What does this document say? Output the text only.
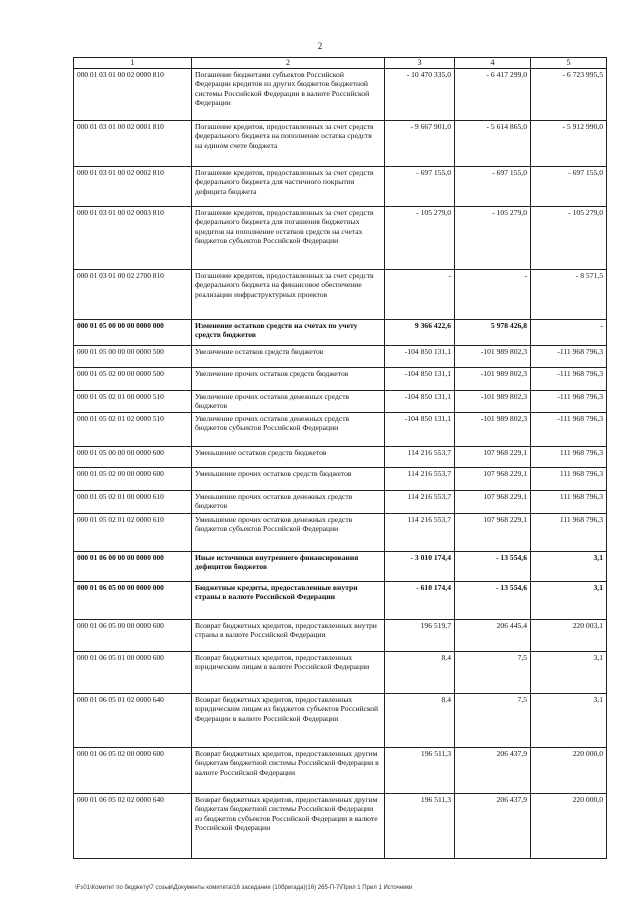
2
1	2	3	4	5
000 01 03 01 00 02 0000 810	Погашение бюджетами субъектов Российской Федерации кредитов из других бюджетов бюджетной системы Российской Федерации в валюте Российской Федерации	- 10 470 335,0	- 6 417 299,0	- 6 723 995,5
000 01 03 01 00 02 0001 810	Погашение кредитов, предоставленных за счет средств федерального бюджета на пополнение остатка средств на едином счете бюджета	- 9 667 901,0	- 5 614 865,0	- 5 912 990,0
000 01 03 01 00 02 0002 810	Погашение кредитов, предоставленных за счет средств федерального бюджета для частичного покрытия дефицита бюджета	- 697 155,0	- 697 155,0	- 697 155,0
000 01 03 01 00 02 0003 810	Погашение кредитов, предоставленных за счет средств федерального бюджета для погашения бюджетных кредитов на пополнение остатков средств на счетах бюджетов субъектов Российской Федерации	- 105 279,0	- 105 279,0	- 105 279,0
000 01 03 01 00 02 2700 810	Погашение кредитов, предоставленных за счет средств федерального бюджета на финансовое обеспечение реализации инфраструктурных проектов	-	-	- 8 571,5
000 01 05 00 00 00 0000 000	Изменение остатков средств на счетах по учету средств бюджетов	9 366 422,6	5 978 426,8	-
000 01 05 00 00 00 0000 500	Увеличение остатков средств бюджетов	-104 850 131,1	-101 989 802,3	-111 968 796,3
000 01 05 02 00 00 0000 500	Увеличение прочих остатков средств бюджетов	-104 850 131,1	-101 989 802,3	-111 968 796,3
000 01 05 02 01 00 0000 510	Увеличение прочих остатков денежных средств бюджетов	-104 850 131,1	-101 989 802,3	-111 968 796,3
000 01 05 02 01 02 0000 510	Увеличение прочих остатков денежных средств бюджетов субъектов Российской Федерации	-104 850 131,1	-101 989 802,3	-111 968 796,3
000 01 05 00 00 00 0000 600	Уменьшение остатков средств бюджетов	114 216 553,7	107 968 229,1	111 968 796,3
000 01 05 02 00 00 0000 600	Уменьшение прочих остатков средств бюджетов	114 216 553,7	107 968 229,1	111 968 796,3
000 01 05 02 01 00 0000 610	Уменьшение прочих остатков денежных средств бюджетов	114 216 553,7	107 968 229,1	111 968 796,3
000 01 05 02 01 02 0000 610	Уменьшение прочих остатков денежных средств бюджетов субъектов Российской Федерации	114 216 553,7	107 968 229,1	111 968 796,3
000 01 06 00 00 00 0000 000	Иные источники внутреннего финансирования дефицитов бюджетов	- 3 010 174,4	- 13 554,6	3,1
000 01 06 05 00 00 0000 000	Бюджетные кредиты, предоставленные внутри страны в валюте Российской Федерации	- 610 174,4	- 13 554,6	3,1
000 01 06 05 00 00 0000 600	Возврат бюджетных кредитов, предоставленных внутри страны в валюте Российской Федерации	196 519,7	206 445,4	220 003,1
000 01 06 05 01 00 0000 600	Возврат бюджетных кредитов, предоставленных юридическим лицам в валюте Российской Федерации	8,4	7,5	3,1
000 01 06 05 01 02 0000 640	Возврат бюджетных кредитов, предоставленных юридическим лицам из бюджетов субъектов Российской Федерации в валюте Российской Федерации	8,4	7,5	3,1
000 01 06 05 02 00 0000 600	Возврат бюджетных кредитов, предоставленных другим бюджетам бюджетной системы Российской Федерации в валюте Российской Федерации	196 511,3	206 437,9	220 000,0
000 01 06 05 02 02 0000 640	Возврат бюджетных кредитов, предоставленных другим бюджетам бюджетной системы Российской Федерации из бюджетов субъектов Российской Федерации в валюте Российской Федерации	196 511,3	206 437,9	220 000,0
\Fs01\Комитет по бюджету\7 созыв\Документы комитета\16 заседание (10бригада)(16) 265-П-7\Прил 1 Прил 1 Источники
